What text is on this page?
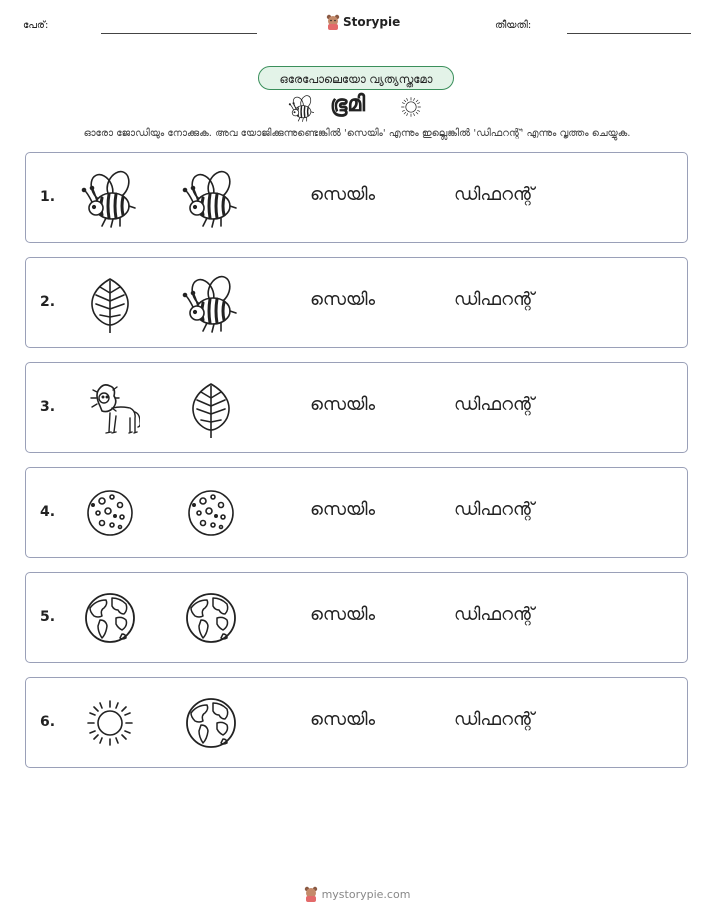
പേര്:	Storypie	തീയതി:
ഒരേപോലെയോ വ്യത്യസ്തമോ
ഭൂമി
ഓരോ ജോഡിയും നോക്കുക. അവ യോജിക്കുന്നുണ്ടെങ്കിൽ 'സെയിം' എന്നും ഇല്ലെങ്കിൽ 'ഡിഫറന്റ്' എന്നും വൃത്തം ചെയ്യുക.
1.	സെയിം	ഡിഫറന്റ്
2.	സെയിം	ഡിഫറന്റ്
3.	സെയിം	ഡിഫറന്റ്
4.	സെയിം	ഡിഫറന്റ്
5.	സെയിം	ഡിഫറന്റ്
6.	സെയിം	ഡിഫറന്റ്
mystorypie.com
